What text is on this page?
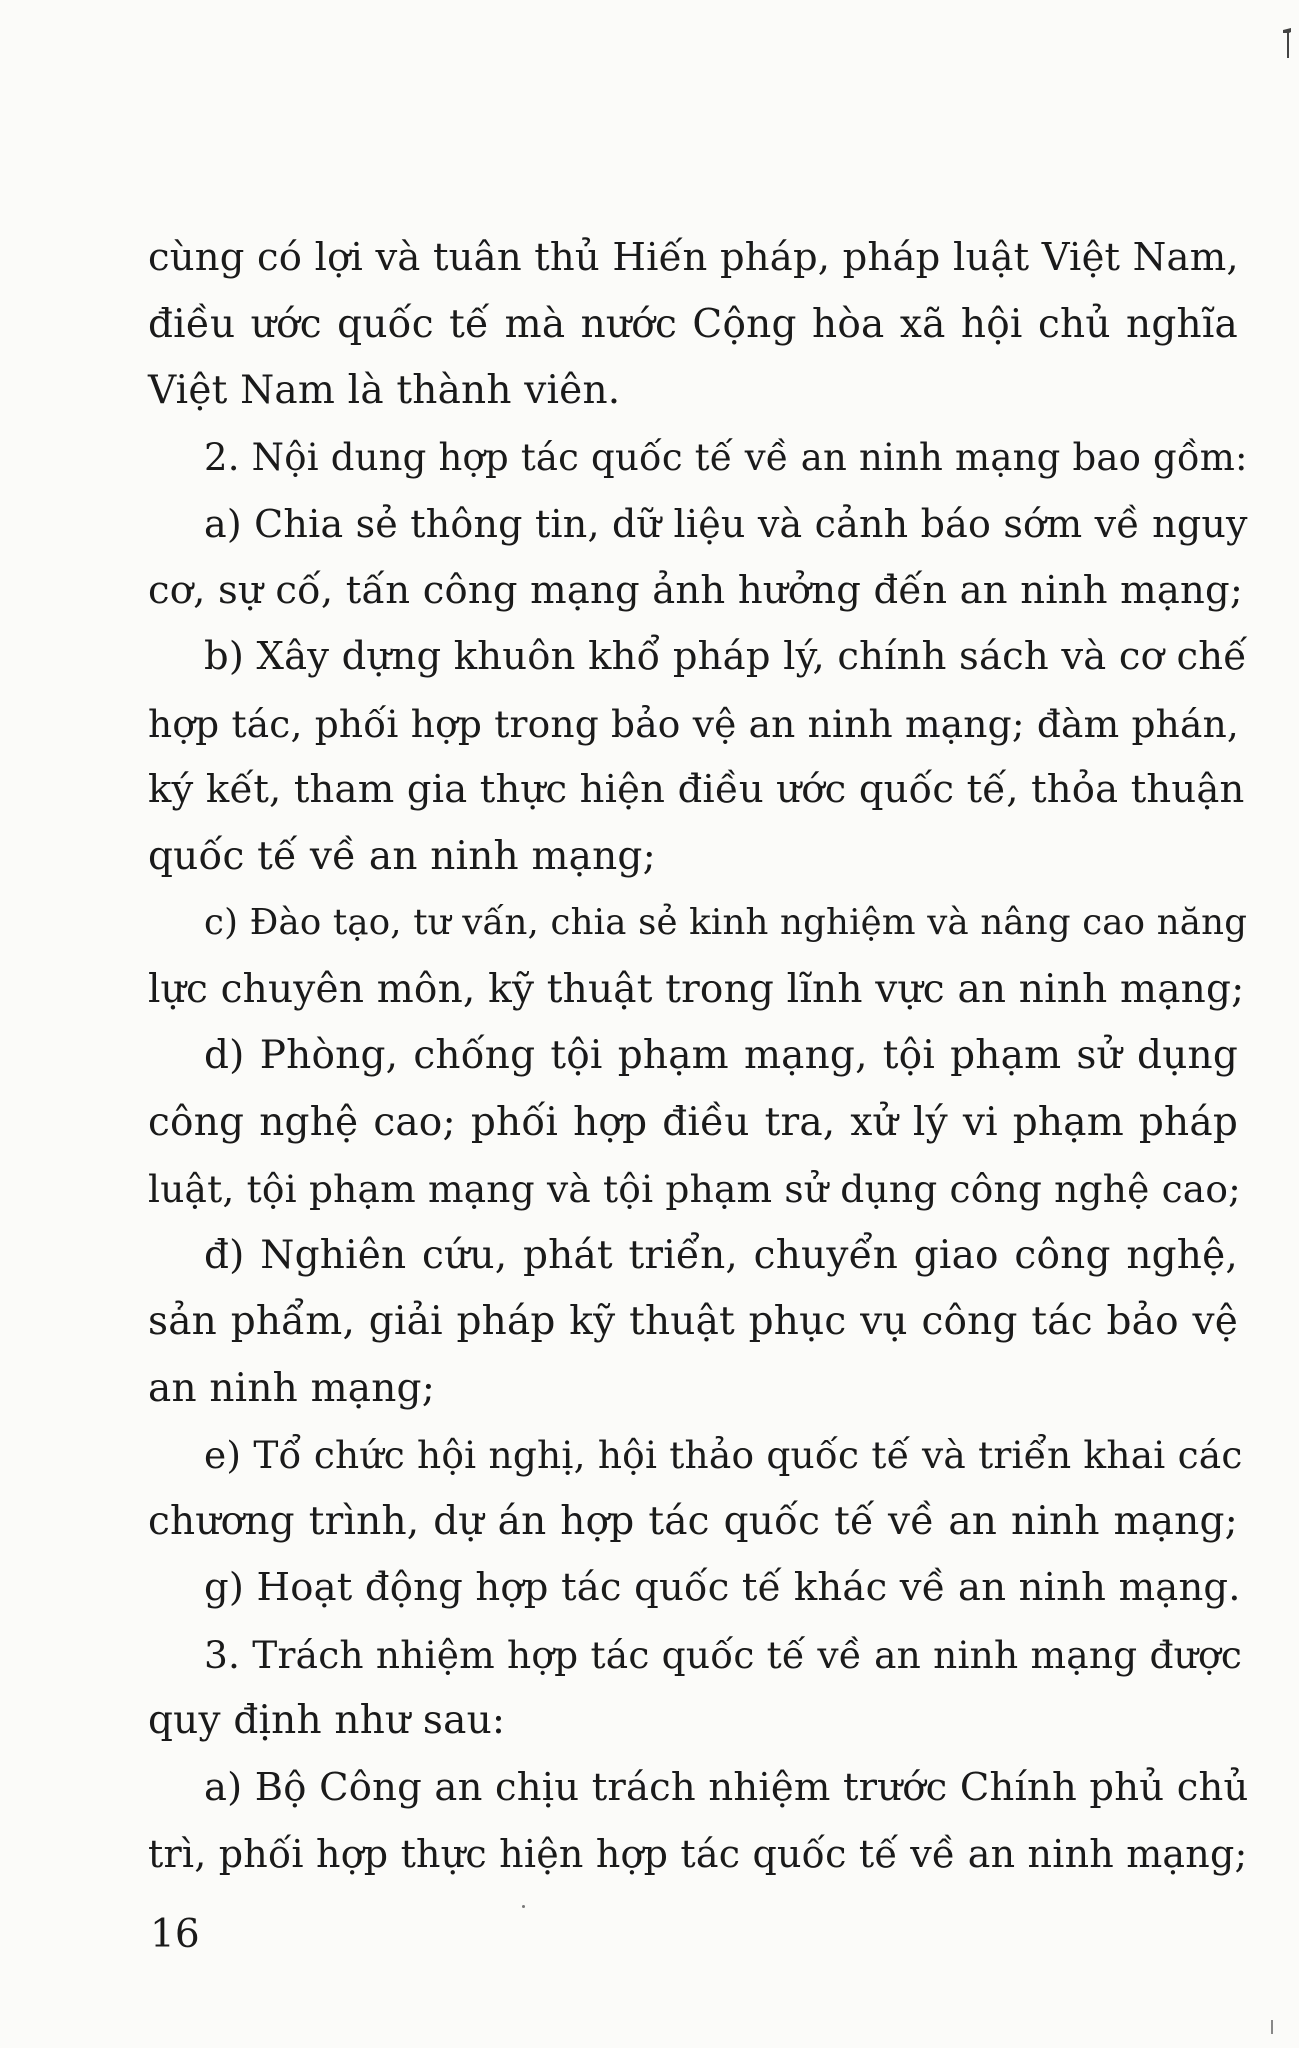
cùng có lợi và tuân thủ Hiến pháp, pháp luật Việt Nam,
điều ước quốc tế mà nước Cộng hòa xã hội chủ nghĩa
Việt Nam là thành viên.
2. Nội dung hợp tác quốc tế về an ninh mạng bao gồm:
a) Chia sẻ thông tin, dữ liệu và cảnh báo sớm về nguy
cơ, sự cố, tấn công mạng ảnh hưởng đến an ninh mạng;
b) Xây dựng khuôn khổ pháp lý, chính sách và cơ chế
hợp tác, phối hợp trong bảo vệ an ninh mạng; đàm phán,
ký kết, tham gia thực hiện điều ước quốc tế, thỏa thuận
quốc tế về an ninh mạng;
c) Đào tạo, tư vấn, chia sẻ kinh nghiệm và nâng cao năng
lực chuyên môn, kỹ thuật trong lĩnh vực an ninh mạng;
d) Phòng, chống tội phạm mạng, tội phạm sử dụng
công nghệ cao; phối hợp điều tra, xử lý vi phạm pháp
luật, tội phạm mạng và tội phạm sử dụng công nghệ cao;
đ) Nghiên cứu, phát triển, chuyển giao công nghệ,
sản phẩm, giải pháp kỹ thuật phục vụ công tác bảo vệ
an ninh mạng;
e) Tổ chức hội nghị, hội thảo quốc tế và triển khai các
chương trình, dự án hợp tác quốc tế về an ninh mạng;
g) Hoạt động hợp tác quốc tế khác về an ninh mạng.
3. Trách nhiệm hợp tác quốc tế về an ninh mạng được
quy định như sau:
a) Bộ Công an chịu trách nhiệm trước Chính phủ chủ
trì, phối hợp thực hiện hợp tác quốc tế về an ninh mạng;
16
